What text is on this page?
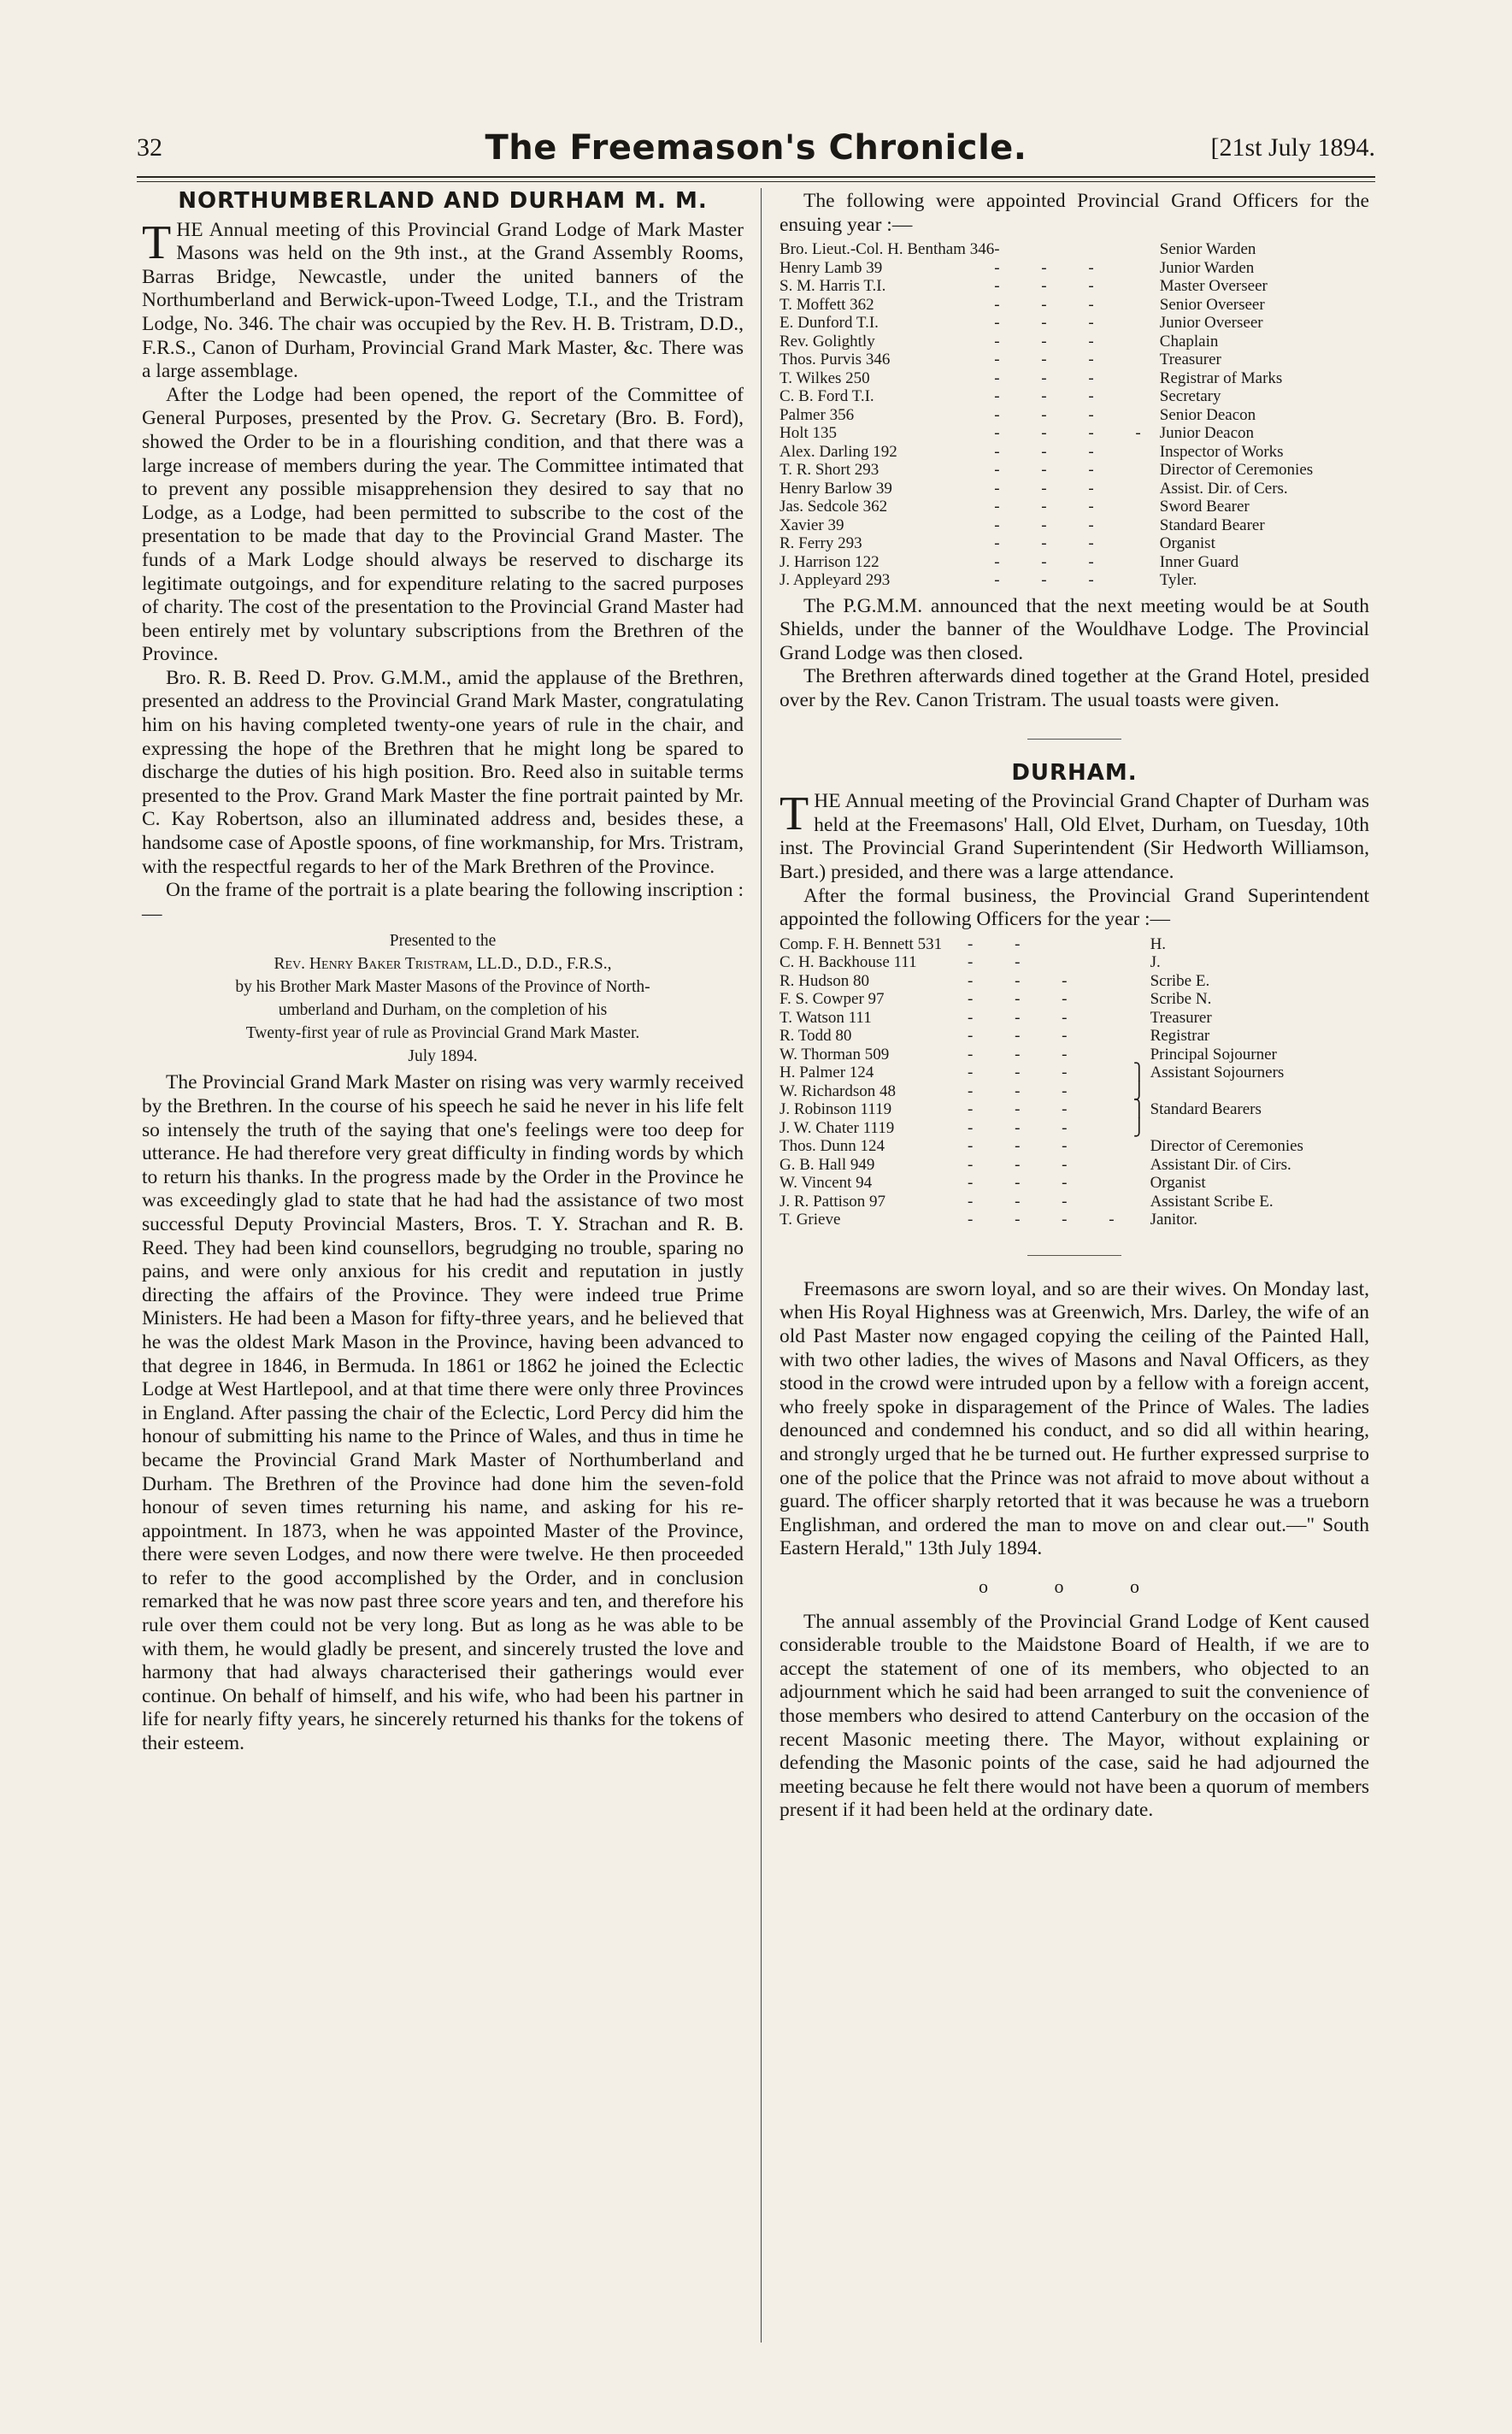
32	The Freemason's Chronicle.	[21st July 1894.
NORTHUMBERLAND AND DURHAM M. M.

THE Annual meeting of this Provincial Grand Lodge of Mark Master Masons was held on the 9th inst., at the Grand Assembly Rooms, Barras Bridge, Newcastle, under the united banners of the Northumberland and Berwick-upon-Tweed Lodge, T.I., and the Tristram Lodge, No. 346. The chair was occupied by the Rev. H. B. Tristram, D.D., F.R.S., Canon of Durham, Provincial Grand Mark Master, &c. There was a large assemblage.

After the Lodge had been opened, the report of the Committee of General Purposes, presented by the Prov. G. Secretary (Bro. B. Ford), showed the Order to be in a flourishing condition, and that there was a large increase of members during the year. The Committee intimated that to prevent any possible misapprehension they desired to say that no Lodge, as a Lodge, had been permitted to subscribe to the cost of the presentation to be made that day to the Provincial Grand Master. The funds of a Mark Lodge should always be reserved to discharge its legitimate outgoings, and for expenditure relating to the sacred purposes of charity. The cost of the presentation to the Provincial Grand Master had been entirely met by voluntary subscriptions from the Brethren of the Province.

Bro. R. B. Reed D. Prov. G.M.M., amid the applause of the Brethren, presented an address to the Provincial Grand Mark Master, congratulating him on his having completed twenty-one years of rule in the chair, and expressing the hope of the Brethren that he might long be spared to discharge the duties of his high position. Bro. Reed also in suitable terms presented to the Prov. Grand Mark Master the fine portrait painted by Mr. C. Kay Robertson, also an illuminated address and, besides these, a handsome case of Apostle spoons, of fine workmanship, for Mrs. Tristram, with the respectful regards to her of the Mark Brethren of the Province.

On the frame of the portrait is a plate bearing the following inscription :—

Presented to the
Rev. Henry Baker Tristram, LL.D., D.D., F.R.S.,
by his Brother Mark Master Masons of the Province of North-
umberland and Durham, on the completion of his
Twenty-first year of rule as Provincial Grand Mark Master.
July 1894.

The Provincial Grand Mark Master on rising was very warmly received by the Brethren. In the course of his speech he said he never in his life felt so intensely the truth of the saying that one's feelings were too deep for utterance. He had therefore very great difficulty in finding words by which to return his thanks. In the progress made by the Order in the Province he was exceedingly glad to state that he had had the assistance of two most successful Deputy Provincial Masters, Bros. T. Y. Strachan and R. B. Reed. They had been kind counsellors, begrudging no trouble, sparing no pains, and were only anxious for his credit and reputation in justly directing the affairs of the Province. They were indeed true Prime Ministers. He had been a Mason for fifty-three years, and he believed that he was the oldest Mark Mason in the Province, having been advanced to that degree in 1846, in Bermuda. In 1861 or 1862 he joined the Eclectic Lodge at West Hartlepool, and at that time there were only three Provinces in England. After passing the chair of the Eclectic, Lord Percy did him the honour of submitting his name to the Prince of Wales, and thus in time he became the Provincial Grand Mark Master of Northumberland and Durham. The Brethren of the Province had done him the seven-fold honour of seven times returning his name, and asking for his re-appointment. In 1873, when he was appointed Master of the Province, there were seven Lodges, and now there were twelve. He then proceeded to refer to the good accomplished by the Order, and in conclusion remarked that he was now past three score years and ten, and therefore his rule over them could not be very long. But as long as he was able to be with them, he would gladly be present, and sincerely trusted the love and harmony that had always characterised their gatherings would ever continue. On behalf of himself, and his wife, who had been his partner in life for nearly fifty years, he sincerely returned his thanks for the tokens of their esteem.

The following were appointed Provincial Grand Officers for the ensuing year :—

Bro. Lieut.-Col. H. Bentham 346	-	Senior Warden
Henry Lamb 39	- - -	Junior Warden
S. M. Harris T.I.	- - -	Master Overseer
T. Moffett 362	- - -	Senior Overseer
E. Dunford T.I.	- - -	Junior Overseer
Rev. Golightly	- - -	Chaplain
Thos. Purvis 346	- - -	Treasurer
T. Wilkes 250	- - -	Registrar of Marks
C. B. Ford T.I.	- - -	Secretary
Palmer 356	- - -	Senior Deacon
Holt 135	- - - -	Junior Deacon
Alex. Darling 192	- - -	Inspector of Works
T. R. Short 293	- - -	Director of Ceremonies
Henry Barlow 39	- - -	Assist. Dir. of Cers.
Jas. Sedcole 362	- - -	Sword Bearer
Xavier 39	- - -	Standard Bearer
R. Ferry 293	- - -	Organist
J. Harrison 122	- - -	Inner Guard
J. Appleyard 293	- - -	Tyler.

The P.G.M.M. announced that the next meeting would be at South Shields, under the banner of the Wouldhave Lodge. The Provincial Grand Lodge was then closed.

The Brethren afterwards dined together at the Grand Hotel, presided over by the Rev. Canon Tristram. The usual toasts were given.

DURHAM.

THE Annual meeting of the Provincial Grand Chapter of Durham was held at the Freemasons' Hall, Old Elvet, Durham, on Tuesday, 10th inst. The Provincial Grand Superintendent (Sir Hedworth Williamson, Bart.) presided, and there was a large attendance.

After the formal business, the Provincial Grand Superintendent appointed the following Officers for the year :—

Comp. F. H. Bennett 531	- -		H.
C. H. Backhouse 111	- -		J.
R. Hudson 80	- - -		Scribe E.
F. S. Cowper 97	- - -		Scribe N.
T. Watson 111	- - -		Treasurer
R. Todd 80	- - -		Registrar
W. Thorman 509	- - -		Principal Sojourner
H. Palmer 124	- - -	⎫	Assistant Sojourners
W. Richardson 48	- - -	⎭	
J. Robinson 1119	- - -	⎫	Standard Bearers
J. W. Chater 1119	- - -	⎭	
Thos. Dunn 124	- - -		Director of Ceremonies
G. B. Hall 949	- - -		Assistant Dir. of Cirs.
W. Vincent 94	- - -		Organist
J. R. Pattison 97	- - -		Assistant Scribe E.
T. Grieve	- - - -		Janitor.

Freemasons are sworn loyal, and so are their wives. On Monday last, when His Royal Highness was at Greenwich, Mrs. Darley, the wife of an old Past Master now engaged copying the ceiling of the Painted Hall, with two other ladies, the wives of Masons and Naval Officers, as they stood in the crowd were intruded upon by a fellow with a foreign accent, who freely spoke in disparagement of the Prince of Wales. The ladies denounced and condemned his conduct, and so did all within hearing, and strongly urged that he be turned out. He further expressed surprise to one of the police that the Prince was not afraid to move about without a guard. The officer sharply retorted that it was because he was a trueborn Englishman, and ordered the man to move on and clear out.—" South Eastern Herald," 13th July 1894.

o o o

The annual assembly of the Provincial Grand Lodge of Kent caused considerable trouble to the Maidstone Board of Health, if we are to accept the statement of one of its members, who objected to an adjournment which he said had been arranged to suit the convenience of those members who desired to attend Canterbury on the occasion of the recent Masonic meeting there. The Mayor, without explaining or defending the Masonic points of the case, said he had adjourned the meeting because he felt there would not have been a quorum of members present if it had been held at the ordinary date.
